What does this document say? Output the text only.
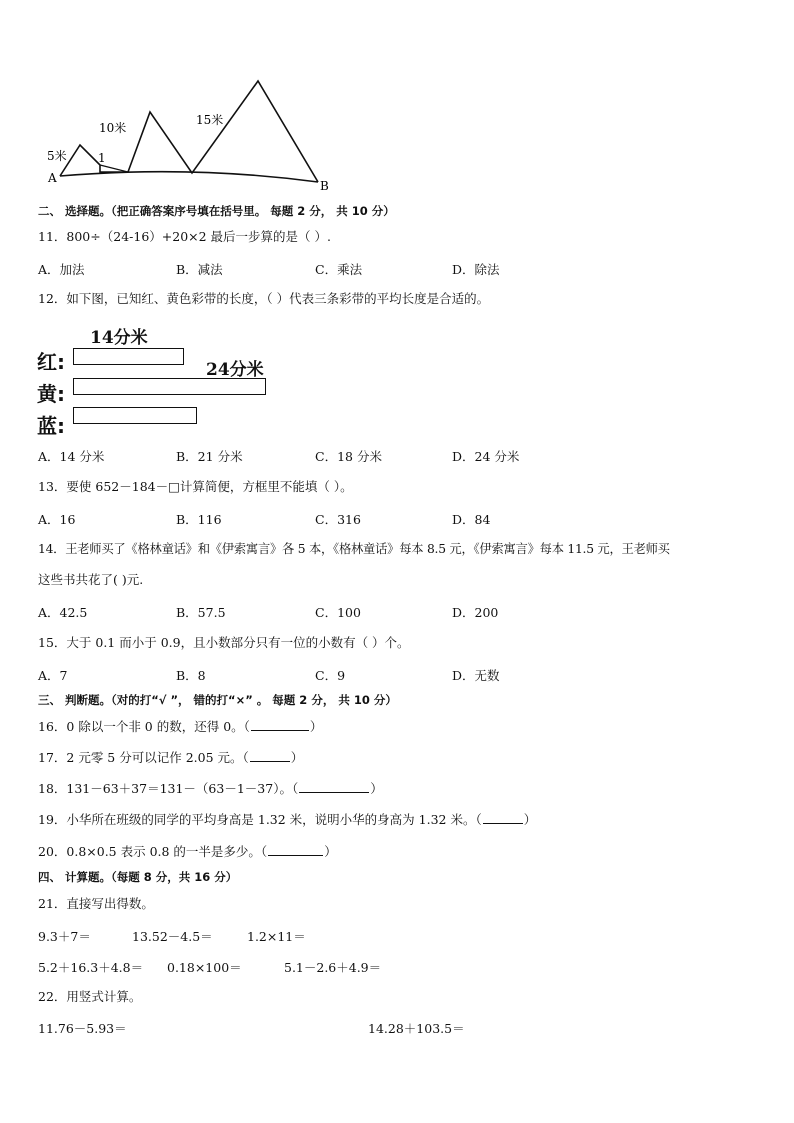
A
B
5米	1
10米
15米
二、 选择题。（把正确答案序号填在括号里。 每题 2 分， 共 10 分）
11．800÷（24-16）+20×2 最后一步算的是（ ）.
A．加法	B．减法	C．乘法	D．除法
12．如下图，已知红、黄色彩带的长度，（ ）代表三条彩带的平均长度是合适的。
14分米
红:	24分米
黄:
蓝:
A．14 分米	B．21 分米	C．18 分米	D．24 分米
13．要使 652－184－□计算简便，方框里不能填（ ）。
A．16	B．116	C．316	D．84
14．王老师买了《格林童话》和《伊索寓言》各 5 本，《格林童话》每本 8.5 元，《伊索寓言》每本 11.5 元，王老师买
这些书共花了( )元.
A．42.5	B．57.5	C．100	D．200
15．大于 0.1 而小于 0.9，且小数部分只有一位的小数有（ ）个。
A．7	B．8	C．9	D．无数
三、 判断题。（对的打“√ ”， 错的打“×” 。 每题 2 分， 共 10 分）
16．0 除以一个非 0 的数，还得 0。（	）
17．2 元零 5 分可以记作 2.05 元。（	）
18．131－63＋37＝131－（63－1－37）。（	）
19．小华所在班级的同学的平均身高是 1.32 米，说明小华的身高为 1.32 米。（	）
20．0.8×0.5 表示 0.8 的一半是多少。（	）
四、 计算题。（每题 8 分，共 16 分）
21．直接写出得数。
9.3＋7＝	13.52－4.5＝	1.2×11＝
5.2＋16.3＋4.8＝ 0.18×100＝	5.1－2.6＋4.9＝
22．用竖式计算。
11.76－5.93＝	14.28＋103.5＝
